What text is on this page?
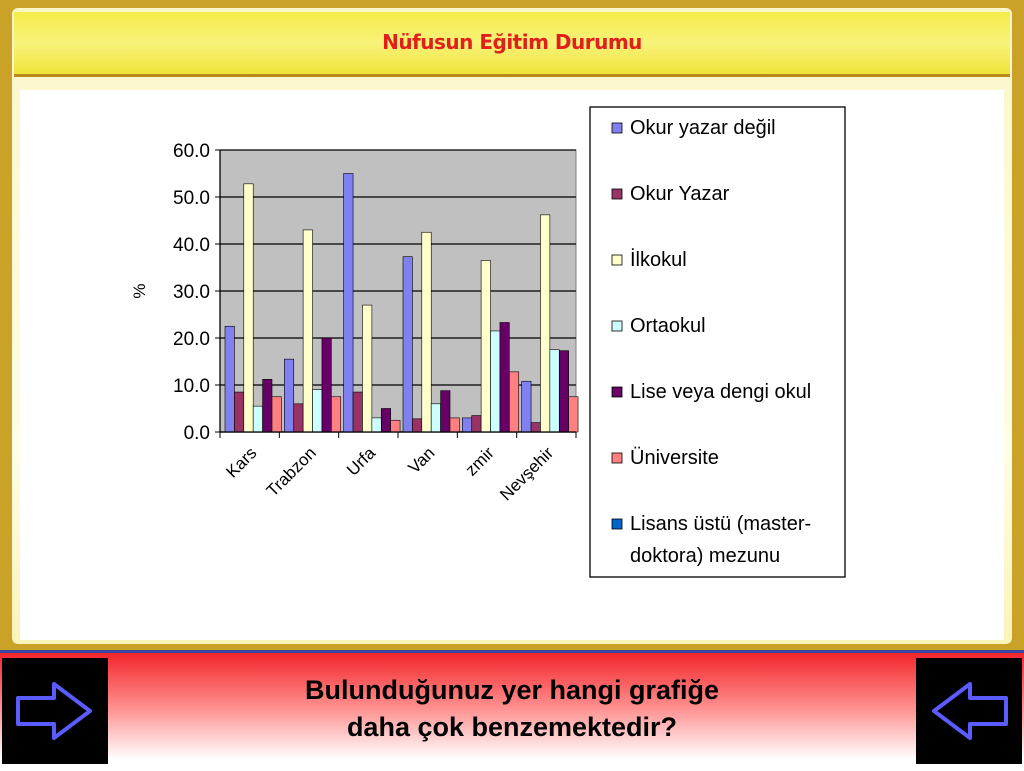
Nüfusun Eğitim Durumu
0.0
10.0
20.0
30.0
40.0
50.0
60.0
%
Kars Trabzon Urfa Van zmir
Nevşehir
Okur yazar değil
Okur Yazar
İlkokul
Ortaokul
Lise veya dengi okul
Üniversite
Lisans üstü (master-
doktora) mezunu
Bulunduğunuz yer hangi grafiğe
daha çok benzemektedir?
